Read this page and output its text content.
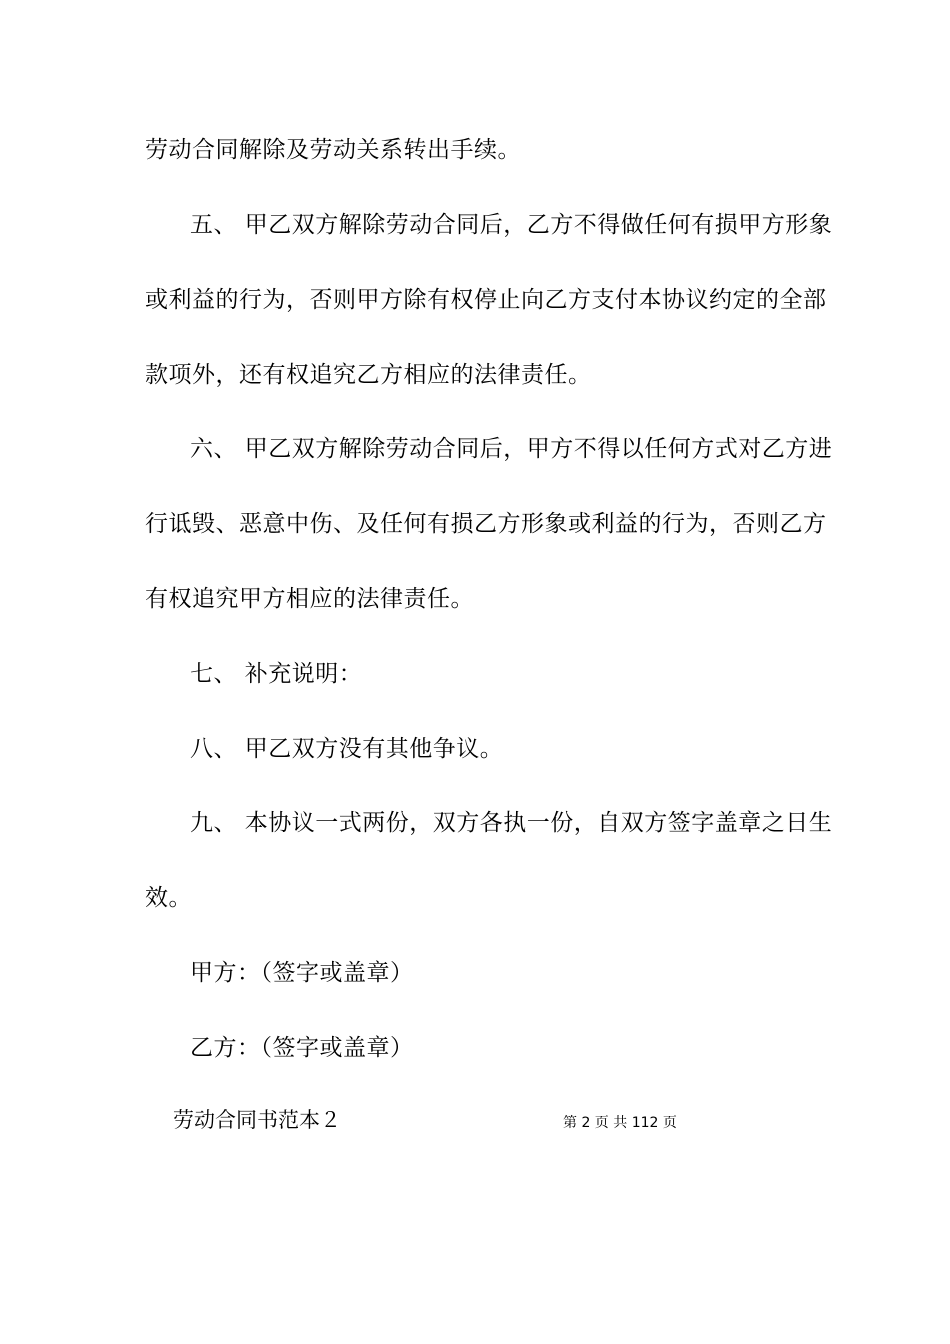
劳动合同解除及劳动关系转出手续。
五、 甲乙双方解除劳动合同后，乙方不得做任何有损甲方形象
或利益的行为，否则甲方除有权停止向乙方支付本协议约定的全部
款项外，还有权追究乙方相应的法律责任。
六、 甲乙双方解除劳动合同后，甲方不得以任何方式对乙方进
行诋毁、恶意中伤、及任何有损乙方形象或利益的行为，否则乙方
有权追究甲方相应的法律责任。
七、 补充说明：
八、 甲乙双方没有其他争议。
九、 本协议一式两份，双方各执一份，自双方签字盖章之日生
效。
甲方：（签字或盖章）
乙方：（签字或盖章）
劳动合同书范本２	第 2 页 共 112 页
